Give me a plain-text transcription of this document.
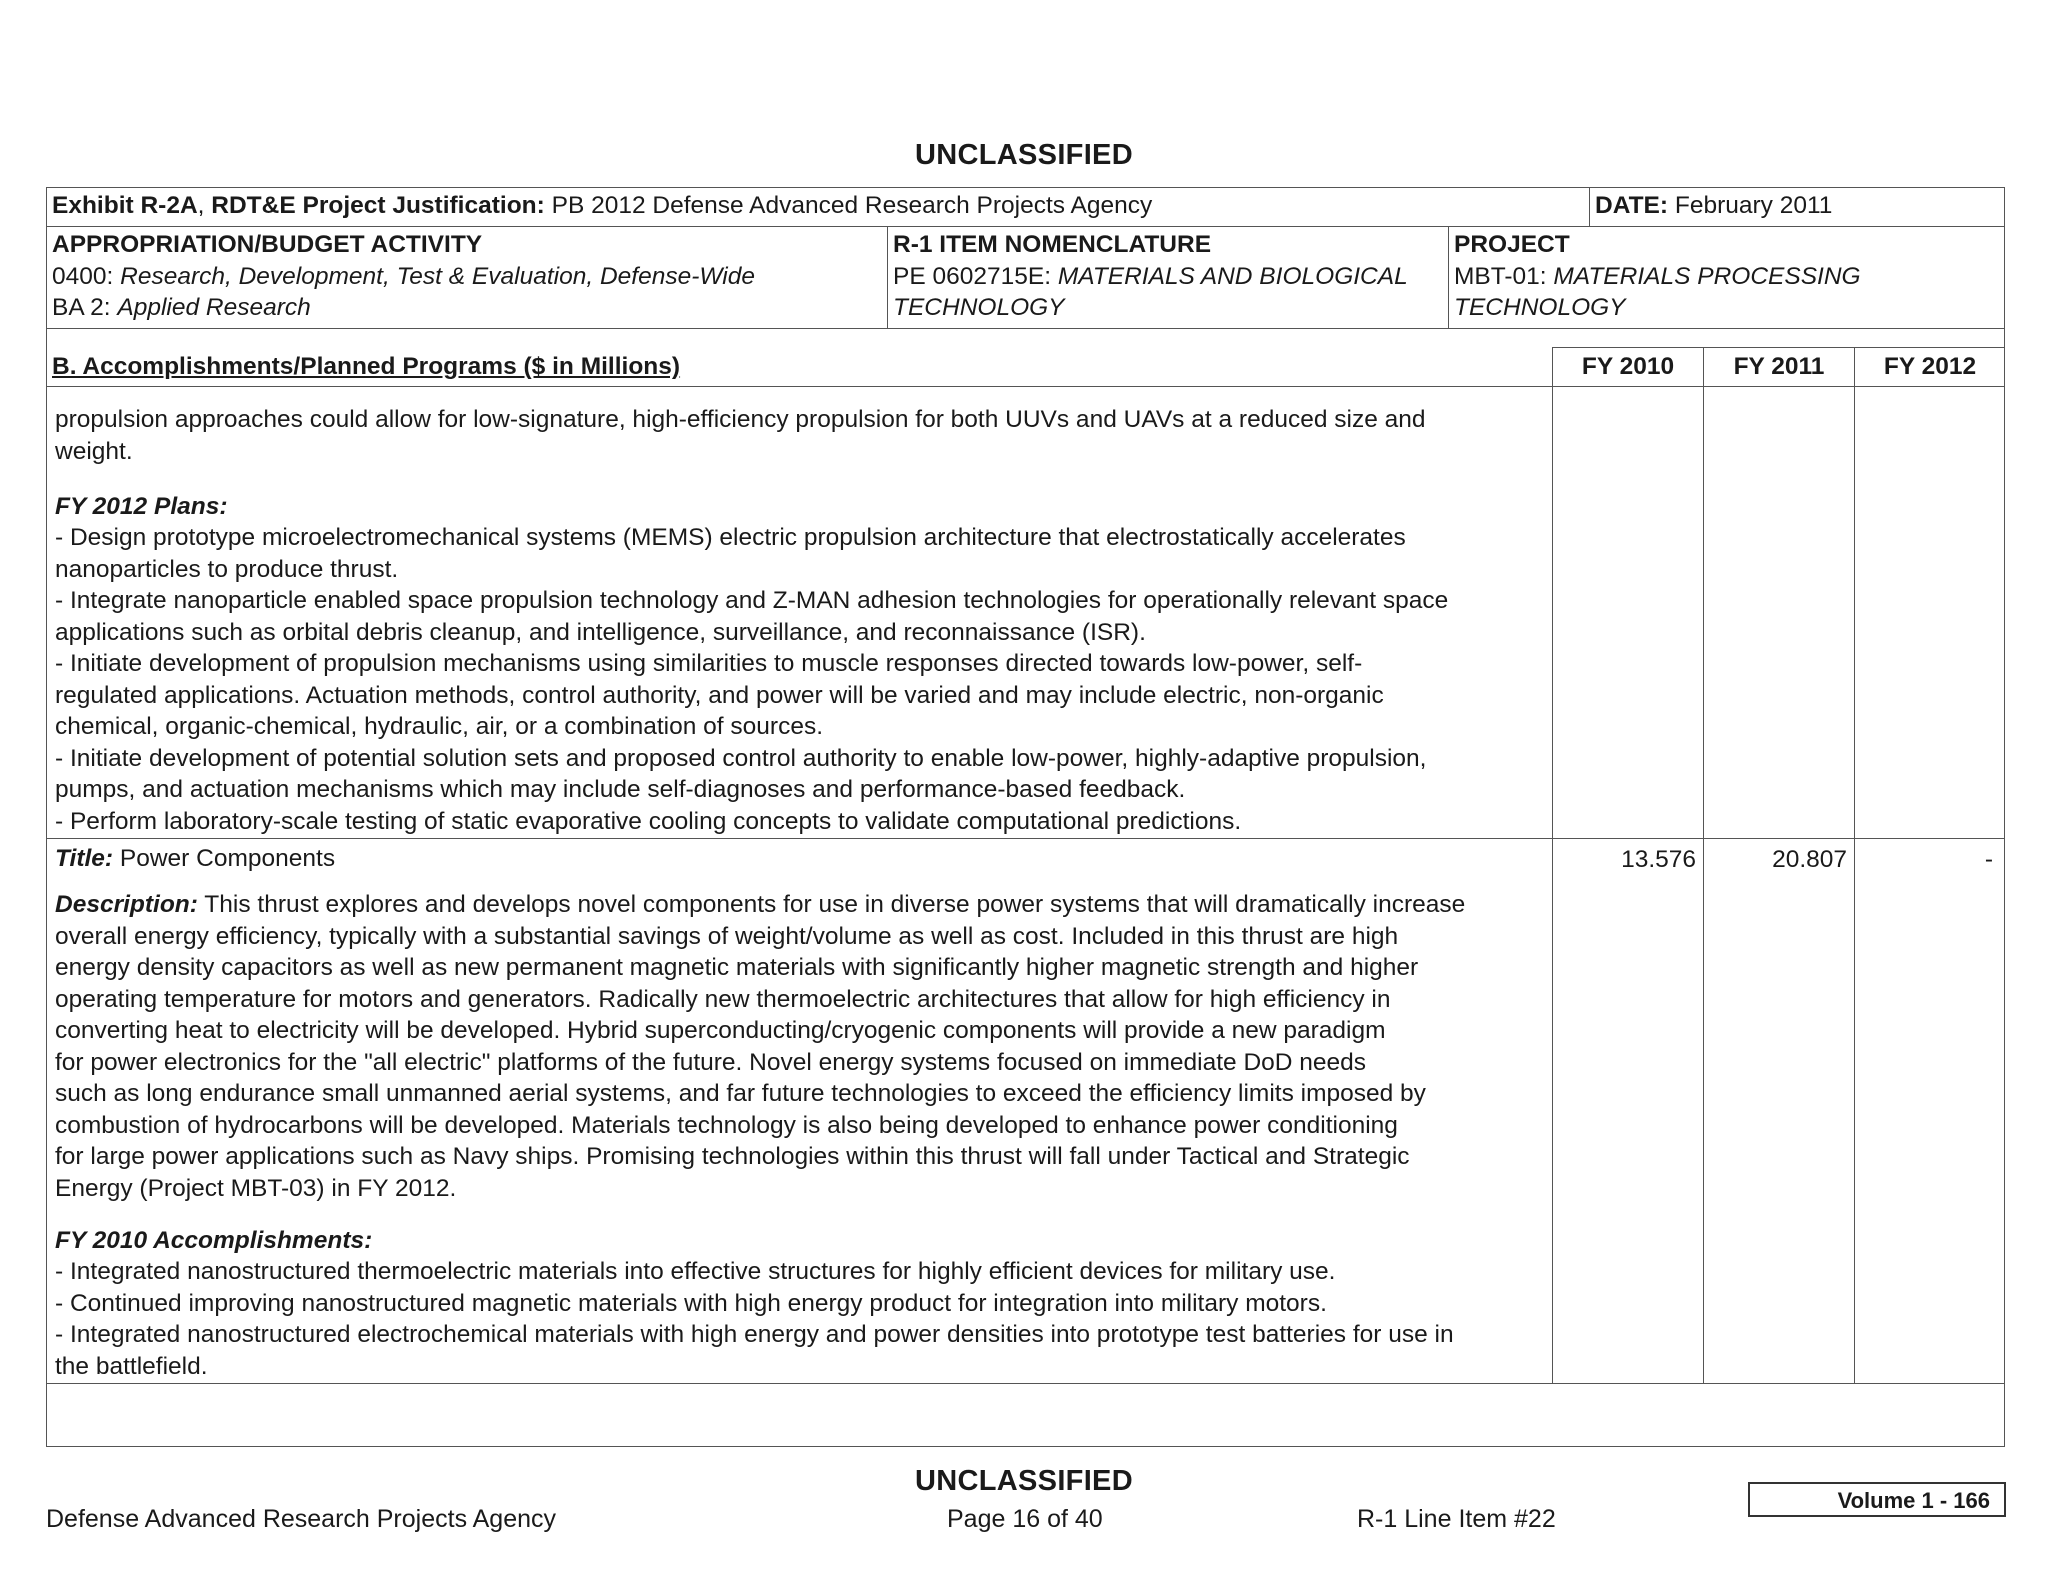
UNCLASSIFIED
Exhibit R-2A, RDT&E Project Justification: PB 2012 Defense Advanced Research Projects Agency	DATE: February 2011
APPROPRIATION/BUDGET ACTIVITY
0400: Research, Development, Test & Evaluation, Defense-Wide
BA 2: Applied Research
R-1 ITEM NOMENCLATURE
PE 0602715E: MATERIALS AND BIOLOGICAL
TECHNOLOGY
PROJECT
MBT-01: MATERIALS PROCESSING
TECHNOLOGY
B. Accomplishments/Planned Programs ($ in Millions)	FY 2010	FY 2011	FY 2012
propulsion approaches could allow for low-signature, high-efficiency propulsion for both UUVs and UAVs at a reduced size and
weight.
FY 2012 Plans:
- Design prototype microelectromechanical systems (MEMS) electric propulsion architecture that electrostatically accelerates
nanoparticles to produce thrust.
- Integrate nanoparticle enabled space propulsion technology and Z-MAN adhesion technologies for operationally relevant space
applications such as orbital debris cleanup, and intelligence, surveillance, and reconnaissance (ISR).
- Initiate development of propulsion mechanisms using similarities to muscle responses directed towards low-power, self-
regulated applications. Actuation methods, control authority, and power will be varied and may include electric, non-organic
chemical, organic-chemical, hydraulic, air, or a combination of sources.
- Initiate development of potential solution sets and proposed control authority to enable low-power, highly-adaptive propulsion,
pumps, and actuation mechanisms which may include self-diagnoses and performance-based feedback.
- Perform laboratory-scale testing of static evaporative cooling concepts to validate computational predictions.
Title: Power Components	13.576	20.807	-
Description: This thrust explores and develops novel components for use in diverse power systems that will dramatically increase
overall energy efficiency, typically with a substantial savings of weight/volume as well as cost. Included in this thrust are high
energy density capacitors as well as new permanent magnetic materials with significantly higher magnetic strength and higher
operating temperature for motors and generators. Radically new thermoelectric architectures that allow for high efficiency in
converting heat to electricity will be developed. Hybrid superconducting/cryogenic components will provide a new paradigm
for power electronics for the "all electric" platforms of the future. Novel energy systems focused on immediate DoD needs
such as long endurance small unmanned aerial systems, and far future technologies to exceed the efficiency limits imposed by
combustion of hydrocarbons will be developed. Materials technology is also being developed to enhance power conditioning
for large power applications such as Navy ships. Promising technologies within this thrust will fall under Tactical and Strategic
Energy (Project MBT-03) in FY 2012.
FY 2010 Accomplishments:
- Integrated nanostructured thermoelectric materials into effective structures for highly efficient devices for military use.
- Continued improving nanostructured magnetic materials with high energy product for integration into military motors.
- Integrated nanostructured electrochemical materials with high energy and power densities into prototype test batteries for use in
the battlefield.
UNCLASSIFIED
Defense Advanced Research Projects Agency	Page 16 of 40	R-1 Line Item #22
Volume 1 - 166
